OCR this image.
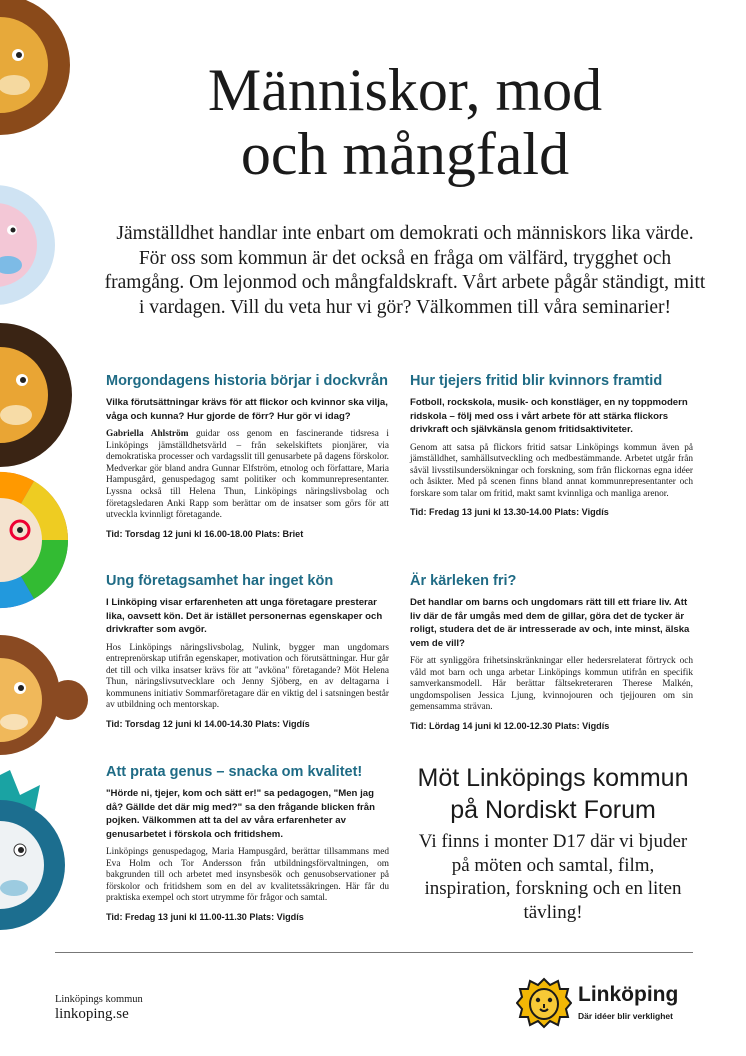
Människor, mod
och mångfald
Jämställdhet handlar inte enbart om demokrati och människors lika värde. För oss som kommun är det också en fråga om välfärd, trygghet och framgång. Om lejonmod och mångfaldskraft. Vårt arbete pågår ständigt, mitt i vardagen. Vill du veta hur vi gör? Välkommen till våra seminarier!
Morgondagens historia börjar i dockvrån
Vilka förutsättningar krävs för att flickor och kvinnor ska vilja, våga och kunna? Hur gjorde de förr? Hur gör vi idag?
Gabriella Ahlström guidar oss genom en fascinerande tidsresa i Linköpings jämställdhetsvärld – från sekelskiftets pionjärer, via demokratiska processer och vardagsslit till genusarbete på dagens förskolor. Medverkar gör bland andra Gunnar Elfström, etnolog och författare, Maria Hampusgård, genuspedagog samt politiker och kommunrepresentanter. Lyssna också till Helena Thun, Linköpings näringslivsbolag och företagsledaren Anki Rapp som berättar om de insatser som görs för att utveckla kvinnligt företagande.
Tid: Torsdag 12 juni kl 16.00-18.00 Plats: Briet
Hur tjejers fritid blir kvinnors framtid
Fotboll, rockskola, musik- och konstläger, en ny toppmodern ridskola – följ med oss i vårt arbete för att stärka flickors drivkraft och självkänsla genom fritidsaktiviteter.
Genom att satsa på flickors fritid satsar Linköpings kommun även på jämställdhet, samhällsutveckling och medbestämmande. Arbetet utgår från såväl livsstilsundersökningar och forskning, som från flickornas egna idéer och åsikter. Med på scenen finns bland annat kommunrepresentanter och forskare som talar om fritid, makt samt kvinnliga och manliga arenor.
Tid: Fredag 13 juni kl 13.30-14.00 Plats: Vigdís
Ung företagsamhet har inget kön
I Linköping visar erfarenheten att unga företagare presterar lika, oavsett kön. Det är istället personernas egenskaper och drivkrafter som avgör.
Hos Linköpings näringslivsbolag, Nulink, bygger man ungdomars entreprenörskap utifrån egenskaper, motivation och förutsättningar. Hur går det till och vilka insatser krävs för att "avköna" företagande? Möt Helena Thun, näringslivsutvecklare och Jenny Sjöberg, en av deltagarna i kommunens initiativ Sommarföretagare där en viktig del i satsningen består av utbildning och mentorskap.
Tid: Torsdag 12 juni kl 14.00-14.30 Plats: Vigdís
Är kärleken fri?
Det handlar om barns och ungdomars rätt till ett friare liv. Att liv där de får umgås med dem de gillar, göra det de tycker är roligt, studera det de är intresserade av och, inte minst, älska vem de vill?
För att synliggöra frihetsinskränkningar eller hedersrelaterat förtryck och våld mot barn och unga arbetar Linköpings kommun utifrån en specifik samverkansmodell. Här berättar fältsekreteraren Therese Malkén, ungdomspolisen Jessica Ljung, kvinnojouren och tjejjouren om sin gemensamma strävan.
Tid: Lördag 14 juni kl 12.00-12.30 Plats: Vigdís
Att prata genus – snacka om kvalitet!
"Hörde ni, tjejer, kom och sätt er!" sa pedagogen, "Men jag då? Gällde det där mig med?" sa den frågande blicken från pojken. Välkommen att ta del av våra erfarenheter av genusarbetet i förskola och fritidshem.
Linköpings genuspedagog, Maria Hampusgård, berättar tillsammans med Eva Holm och Tor Andersson från utbildningsförvaltningen, om bakgrunden till och arbetet med insynsbesök och genusobservationer på förskolor och fritidshem som en del av kvalitetssäkringen. Här får du praktiska exempel och stort utrymme för frågor och samtal.
Tid: Fredag 13 juni kl 11.00-11.30 Plats: Vigdís
Möt Linköpings kommun på Nordiskt Forum
Vi finns i monter D17 där vi bjuder på möten och samtal, film, inspiration, forskning och en liten tävling!
Linköpings kommun
linkoping.se
Linköping
Där idéer blir verklighet
